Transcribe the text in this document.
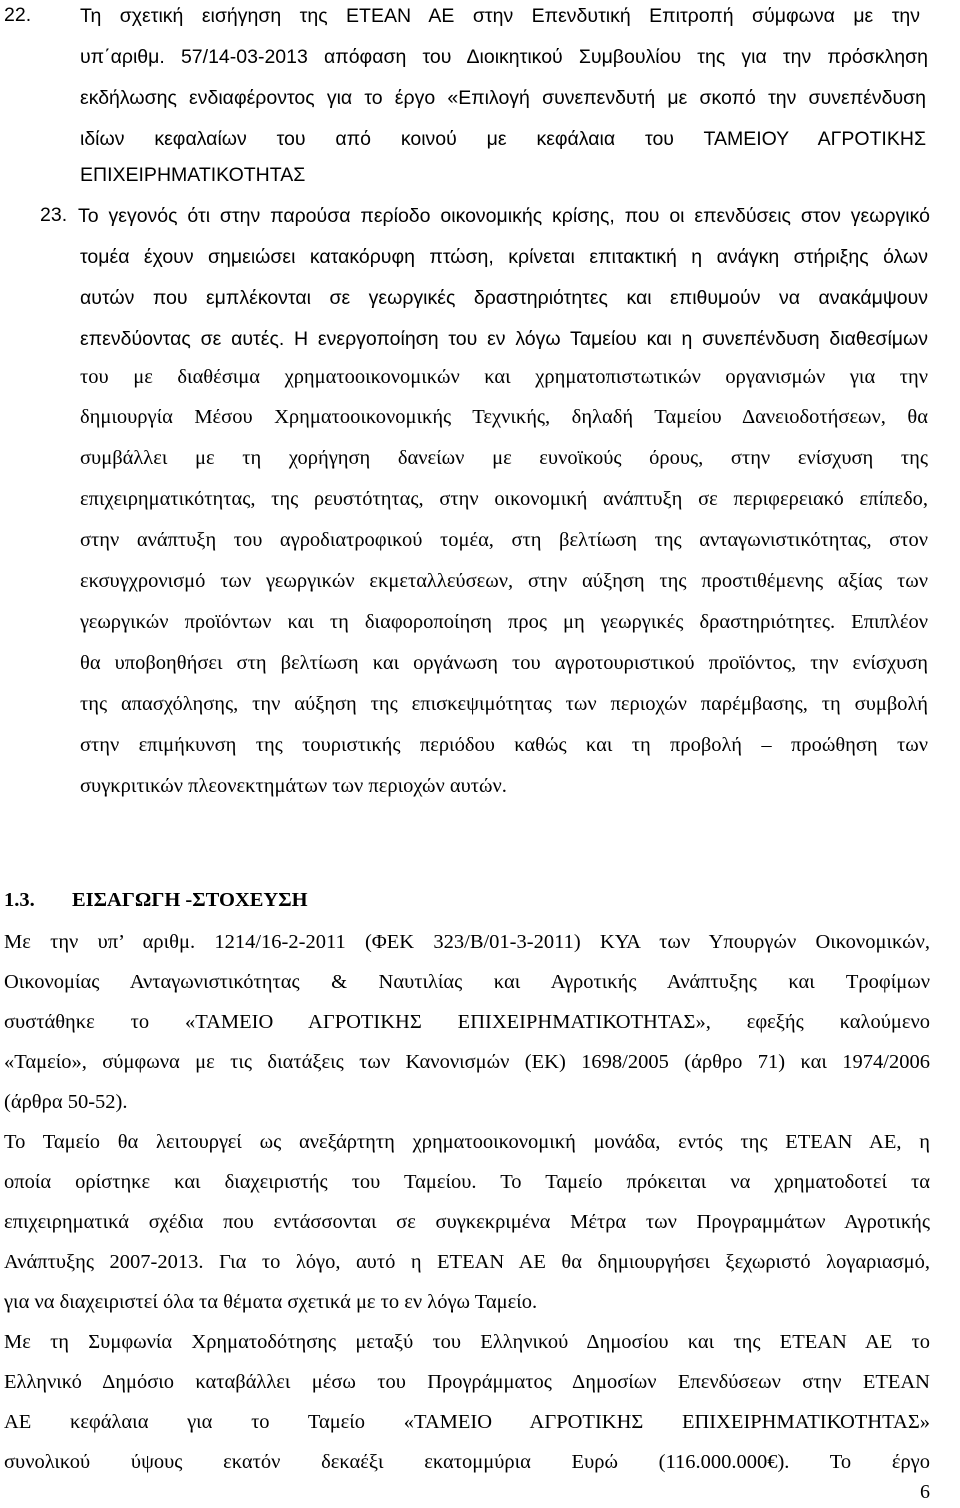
22.	Τη σχετική εισήγηση της ΕΤΕΑΝ ΑΕ στην Επενδυτική Επιτροπή σύμφωνα με την
υπ΄αριθμ. 57/14-03-2013 απόφαση του Διοικητικού Συμβουλίου της για την πρόσκληση
εκδήλωσης ενδιαφέροντος για το έργο «Επιλογή συνεπενδυτή με σκοπό την συνεπένδυση
ιδίων κεφαλαίων του από κοινού με κεφάλαια του ΤΑΜΕΙΟΥ ΑΓΡΟΤΙΚΗΣ
ΕΠΙΧΕΙΡΗΜΑΤΙΚΟΤΗΤΑΣ
23. Το γεγονός ότι στην παρούσα περίοδο οικονομικής κρίσης, που οι επενδύσεις στον γεωργικό
τομέα έχουν σημειώσει κατακόρυφη πτώση, κρίνεται επιτακτική η ανάγκη στήριξης όλων
αυτών που εμπλέκονται σε γεωργικές δραστηριότητες και επιθυμούν να ανακάμψουν
επενδύοντας σε αυτές. Η ενεργοποίηση του εν λόγω Ταμείου και η συνεπένδυση διαθεσίμων
του με διαθέσιμα χρηματοοικονομικών και χρηματοπιστωτικών οργανισμών για την
δημιουργία Μέσου Χρηματοοικονομικής Τεχνικής, δηλαδή Ταμείου Δανειοδοτήσεων, θα
συμβάλλει με τη χορήγηση δανείων με ευνοϊκούς όρους, στην ενίσχυση της
επιχειρηματικότητας, της ρευστότητας, στην οικονομική ανάπτυξη σε περιφερειακό επίπεδο,
στην ανάπτυξη του αγροδιατροφικού τομέα, στη βελτίωση της ανταγωνιστικότητας, στον
εκσυγχρονισμό των γεωργικών εκμεταλλεύσεων, στην αύξηση της προστιθέμενης αξίας των
γεωργικών προϊόντων και τη διαφοροποίηση προς μη γεωργικές δραστηριότητες. Επιπλέον
θα υποβοηθήσει στη βελτίωση και οργάνωση του αγροτουριστικού προϊόντος, την ενίσχυση
της απασχόλησης, την αύξηση της επισκεψιμότητας των περιοχών παρέμβασης, τη συμβολή
στην επιμήκυνση της τουριστικής περιόδου καθώς και τη προβολή – προώθηση των
συγκριτικών πλεονεκτημάτων των περιοχών αυτών.
1.3. ΕΙΣΑΓΩΓΗ -ΣΤΟΧΕΥΣΗ
Με την υπ’ αριθμ. 1214/16-2-2011 (ΦΕΚ 323/Β/01-3-2011) ΚΥΑ των Υπουργών Οικονομικών,
Οικονομίας Ανταγωνιστικότητας & Ναυτιλίας και Αγροτικής Ανάπτυξης και Τροφίμων
συστάθηκε το «ΤΑΜΕΙΟ ΑΓΡΟΤΙΚΗΣ ΕΠΙΧΕΙΡΗΜΑΤΙΚΟΤΗΤΑΣ», εφεξής καλούμενο
«Ταμείο», σύμφωνα με τις διατάξεις των Κανονισμών (ΕΚ) 1698/2005 (άρθρο 71) και 1974/2006
(άρθρα 50-52).
Το Ταμείο θα λειτουργεί ως ανεξάρτητη χρηματοοικονομική μονάδα, εντός της ΕΤΕΑΝ ΑΕ, η
οποία ορίστηκε και διαχειριστής του Ταμείου. Το Ταμείο πρόκειται να χρηματοδοτεί τα
επιχειρηματικά σχέδια που εντάσσονται σε συγκεκριμένα Μέτρα των Προγραμμάτων Αγροτικής
Ανάπτυξης 2007-2013. Για το λόγο, αυτό η ΕΤΕΑΝ ΑΕ θα δημιουργήσει ξεχωριστό λογαριασμό,
για να διαχειριστεί όλα τα θέματα σχετικά με το εν λόγω Ταμείο.
Με τη Συμφωνία Χρηματοδότησης μεταξύ του Ελληνικού Δημοσίου και της ΕΤΕΑΝ ΑΕ το
Ελληνικό Δημόσιο καταβάλλει μέσω του Προγράμματος Δημοσίων Επενδύσεων στην ΕΤΕΑΝ
ΑΕ κεφάλαια για το Ταμείο «ΤΑΜΕΙΟ ΑΓΡΟΤΙΚΗΣ ΕΠΙΧΕΙΡΗΜΑΤΙΚΟΤΗΤΑΣ»
συνολικού ύψους εκατόν δεκαέξι εκατομμύρια Ευρώ (116.000.000€). Το έργο
6
